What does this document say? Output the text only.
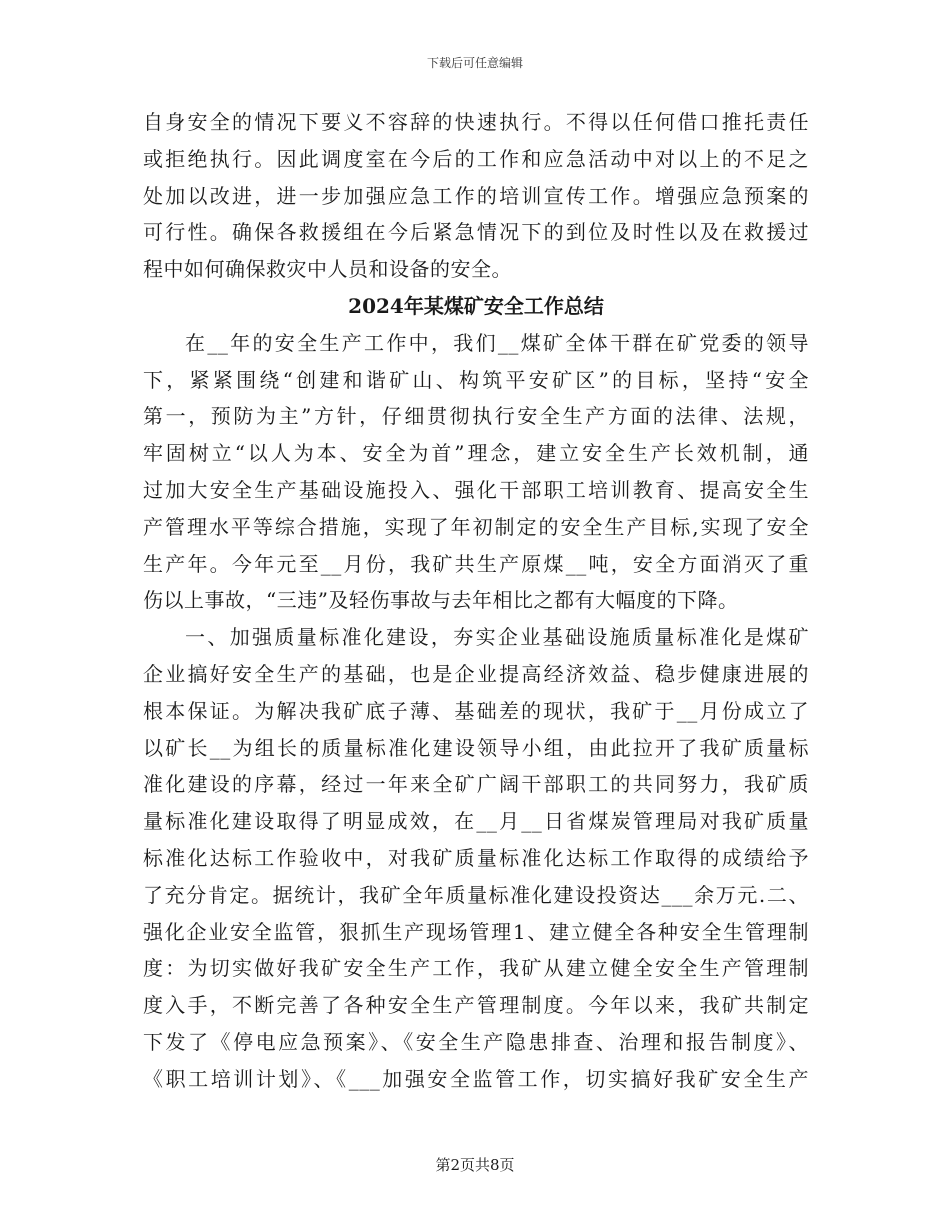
下载后可任意编辑
自身安全的情况下要义不容辞的快速执行。不得以任何借口推托责任
或拒绝执行。因此调度室在今后的工作和应急活动中对以上的不足之
处加以改进，进一步加强应急工作的培训宣传工作。增强应急预案的
可行性。确保各救援组在今后紧急情况下的到位及时性以及在救援过
程中如何确保救灾中人员和设备的安全。
2024年某煤矿安全工作总结
在__年的安全生产工作中，我们__煤矿全体干群在矿党委的领导
下，紧紧围绕“创建和谐矿山、构筑平安矿区”的目标，坚持“安全
第一，预防为主”方针，仔细贯彻执行安全生产方面的法律、法规，
牢固树立“以人为本、安全为首”理念，建立安全生产长效机制，通
过加大安全生产基础设施投入、强化干部职工培训教育、提高安全生
产管理水平等综合措施，实现了年初制定的安全生产目标,实现了安全
生产年。今年元至__月份，我矿共生产原煤__吨，安全方面消灭了重
伤以上事故，“三违”及轻伤事故与去年相比之都有大幅度的下降。
一、加强质量标准化建设，夯实企业基础设施质量标准化是煤矿
企业搞好安全生产的基础，也是企业提高经济效益、稳步健康进展的
根本保证。为解决我矿底子薄、基础差的现状，我矿于__月份成立了
以矿长__为组长的质量标准化建设领导小组，由此拉开了我矿质量标
准化建设的序幕，经过一年来全矿广阔干部职工的共同努力，我矿质
量标准化建设取得了明显成效，在__月__日省煤炭管理局对我矿质量
标准化达标工作验收中，对我矿质量标准化达标工作取得的成绩给予
了充分肯定。据统计，我矿全年质量标准化建设投资达___余万元.二、
强化企业安全监管，狠抓生产现场管理1、建立健全各种安全生管理制
度：为切实做好我矿安全生产工作，我矿从建立健全安全生产管理制
度入手，不断完善了各种安全生产管理制度。今年以来，我矿共制定
下发了《停电应急预案》、《安全生产隐患排查、治理和报告制度》、
《职工培训计划》、《___加强安全监管工作，切实搞好我矿安全生产
第2页共8页
